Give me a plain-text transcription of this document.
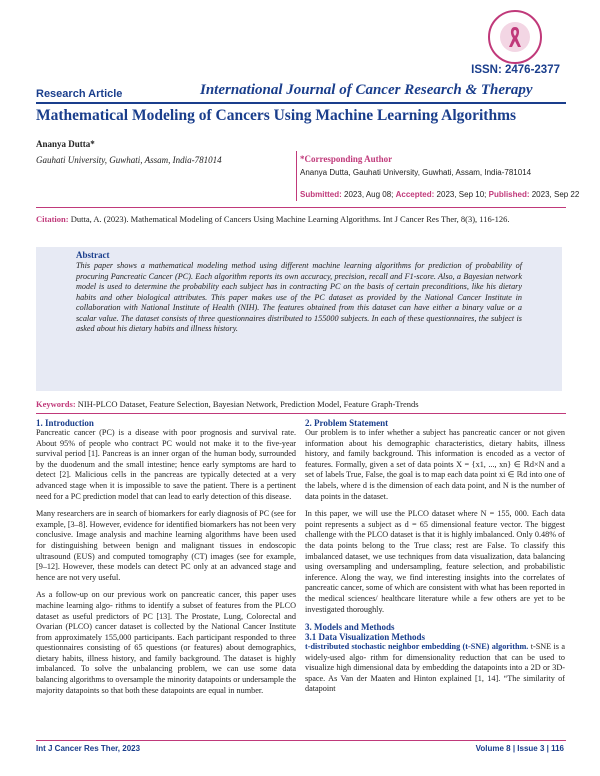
ISSN: 2476-2377
Research Article	International Journal of Cancer Research & Therapy
Mathematical Modeling of Cancers Using Machine Learning Algorithms
Ananya Dutta*
Gauhati University, Guwhati, Assam, India-781014	*Corresponding Author
Ananya Dutta, Gauhati University, Guwhati, Assam, India-781014
Submitted: 2023, Aug 08; Accepted: 2023, Sep 10; Published: 2023, Sep 22
Citation: Dutta, A. (2023). Mathematical Modeling of Cancers Using Machine Learning Algorithms. Int J Cancer Res Ther, 8(3), 116-126.
Abstract

This paper shows a mathematical modeling method using different machine learning algorithms for prediction of probability of procuring Pancreatic Cancer (PC). Each algorithm reports its own accuracy, precision, recall and F1-score. Also, a Bayesian network model is used to determine the probability each subject has in contracting PC on the basis of certain preconditions, like his dietary habits and other biological attributes. This paper makes use of the PC dataset as provided by the National Cancer Institute in collaboration with National Institute of Health (NIH). The features obtained from this dataset can have either a binary value or a scalar value. The dataset consists of three questionnaires distributed to 155000 subjects. In each of these questionnaires, the subject is asked about his dietary habits and illness history.

Keywords: NIH-PLCO Dataset, Feature Selection, Bayesian Network, Prediction Model, Feature Graph-Trends
1. Introduction

Pancreatic cancer (PC) is a disease with poor prognosis and survival rate. About 95% of people who contract PC would not make it to the five-year survival period [1]. Pancreas is an inner organ of the human body, surrounded by the duodenum and the small intestine; hence early symptoms are hard to detect [2]. Malicious cells in the pancreas are typically detected at a very advanced stage when it is impossible to save the patient. There is a pertinent need for a PC prediction model that can lead to early detection of this disease.

Many researchers are in search of biomarkers for early diagnosis of PC (see for example, [3–8]. However, evidence for identified biomarkers has not been very conclusive. Image analysis and machine learning algorithms have been used for distinguishing between benign and malignant tissues in endoscopic ultrasound (EUS) and computed tomography (CT) images (see for example, [9–12]. However, these models can detect PC only at an advanced stage and hence are not very useful.

As a follow-up on our previous work on pancreatic cancer, this paper uses machine learning algo- rithms to identify a subset of features from the PLCO dataset as useful predictors of PC [13]. The Prostate, Lung, Colorectal and Ovarian (PLCO) cancer dataset is collected by the National Cancer Institute from approximately 155,000 participants. Each participant responded to three questionnaires consisting of 65 questions (or features) about demographics, dietary habits, illness history, and family background. The dataset is highly imbalanced. To solve the unbalancing problem, we can use some data balancing algorithms to oversample the minority datapoints or undersample the majority datapoints so that both these datapoints are equal in number.

2. Problem Statement

Our problem is to infer whether a subject has pancreatic cancer or not given information about his demographic characteristics, dietary habits, illness history, and family background. This information is encoded as a vector of features. Formally, given a set of data points X = {x1, ..., xn} ∈ ℝd×N and a set of labels True, False, the goal is to map each data point xi ∈ ℝd into one of the labels, where d is the dimension of each data point, and N is the number of data points in the dataset.

In this paper, we will use the PLCO dataset where N = 155, 000. Each data point represents a subject as d = 65 dimensional feature vector. The biggest challenge with the PLCO dataset is that it is highly imbalanced. Only 0.48% of the data points belong to the True class; rest are False. To classify this imbalanced dataset, we use techniques from data visualization, data balancing using oversampling and undersampling, feature selection, and probabilistic inference. Along the way, we find interesting insights into the correlates of pancreatic cancer, some of which are consistent with what has been reported in the medical sciences/ healthcare literature while a few others are yet to be investigated thoroughly.

3. Models and Methods
3.1 Data Visualization Methods

t-distributed stochastic neighbor embedding (t-SNE) algorithm. t-SNE is a widely-used algo- rithm for dimensionality reduction that can be used to visualize high dimensional data by embedding the datapoints into a 2D or 3D-space. As Van der Maaten and Hinton explained [1, 14]. “The similarity of datapoint

Int J Cancer Res Ther, 2023	Volume 8 | Issue 3 | 116
